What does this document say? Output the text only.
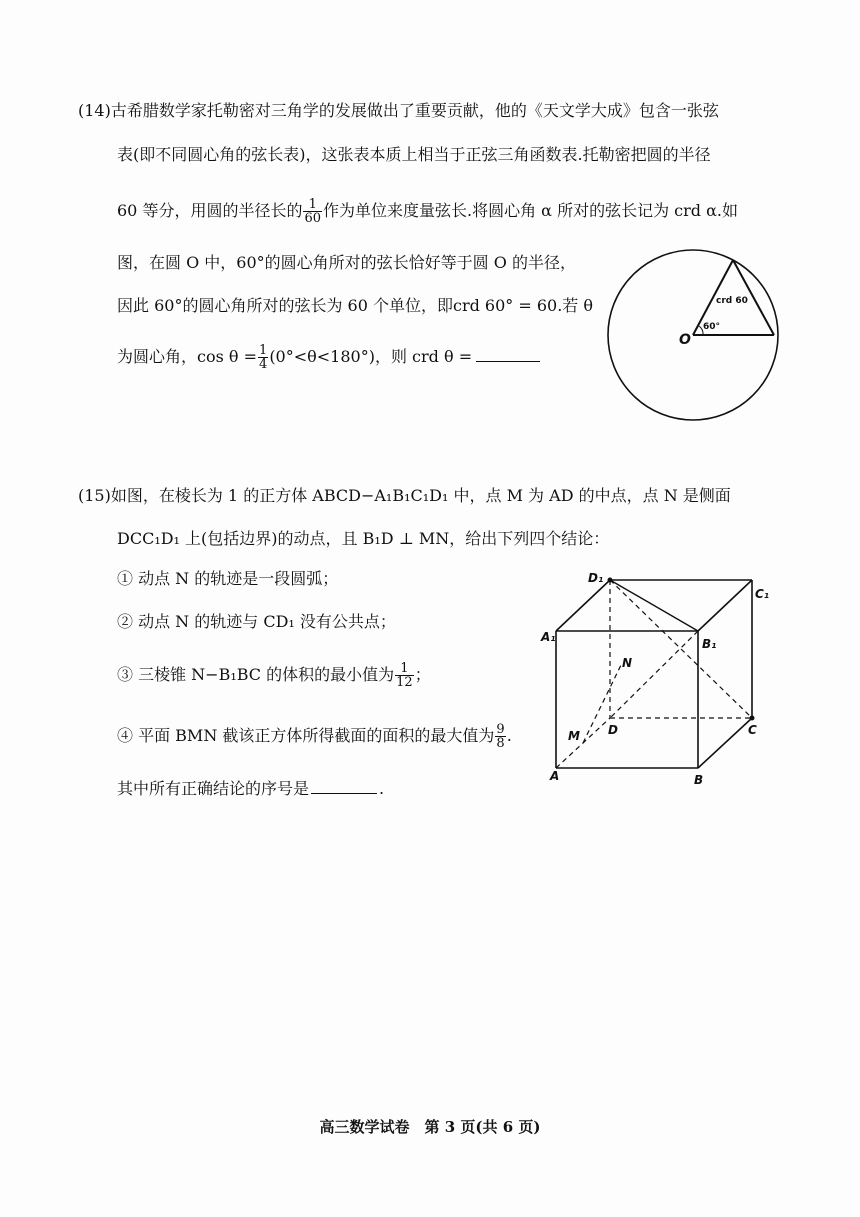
(14)古希腊数学家托勒密对三角学的发展做出了重要贡献，他的《天文学大成》包含一张弦
表(即不同圆心角的弦长表)，这张表本质上相当于正弦三角函数表.托勒密把圆的半径
60 等分，用圆的半径长的 $\frac{1}{60}$ 作为单位来度量弦长.将圆心角 α 所对的弦长记为 crd α.如
图，在圆 O 中，60°的圆心角所对的弦长恰好等于圆 O 的半径，
因此 60°的圆心角所对的弦长为 60 个单位，即crd 60° = 60.若 θ
为圆心角，$\cos \theta = \frac{1}{4} (0^\circ<\theta<180^\circ)$，则 crd θ =
O
60°
crd 60
(15)如图，在棱长为 1 的正方体 ABCD−A₁B₁C₁D₁ 中，点 M 为 AD 的中点，点 N 是侧面
DCC₁D₁ 上(包括边界)的动点，且 B₁D ⊥ MN，给出下列四个结论：
① 动点 N 的轨迹是一段圆弧；
② 动点 N 的轨迹与 CD₁ 没有公共点；
③ 三棱锥 N−B₁BC 的体积的最小值为 $\frac{1}{12}$ ；
④ 平面 BMN 截该正方体所得截面的面积的最大值为 $\frac{9}{8}$ .
其中所有正确结论的序号是	.
D₁
C₁
A₁	B₁
N
M D	C
A	B
高三数学试卷　第 3 页(共 6 页)
